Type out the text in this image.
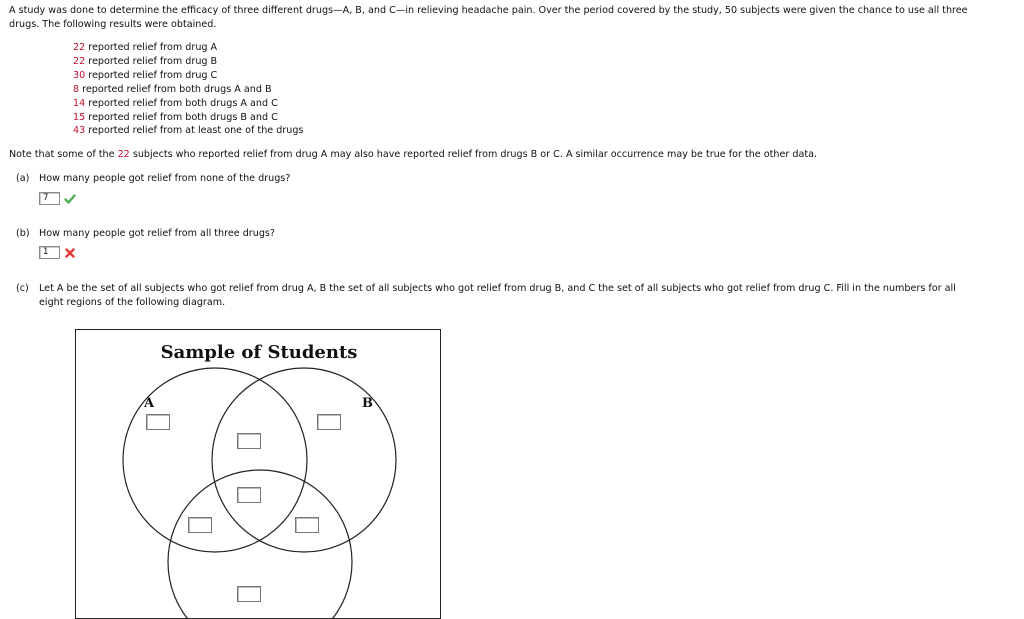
A study was done to determine the efficacy of three different drugs—A, B, and C—in relieving headache pain. Over the period covered by the study, 50 subjects were given the chance to use all three
drugs. The following results were obtained.
22 reported relief from drug A
22 reported relief from drug B
30 reported relief from drug C
8 reported relief from both drugs A and B
14 reported relief from both drugs A and C
15 reported relief from both drugs B and C
43 reported relief from at least one of the drugs
Note that some of the 22 subjects who reported relief from drug A may also have reported relief from drugs B or C. A similar occurrence may be true for the other data.
(a) How many people got relief from none of the drugs?
7
(b) How many people got relief from all three drugs?
1
(c) Let A be the set of all subjects who got relief from drug A, B the set of all subjects who got relief from drug B, and C the set of all subjects who got relief from drug C. Fill in the numbers for all
eight regions of the following diagram.
Sample of Students
A	B
